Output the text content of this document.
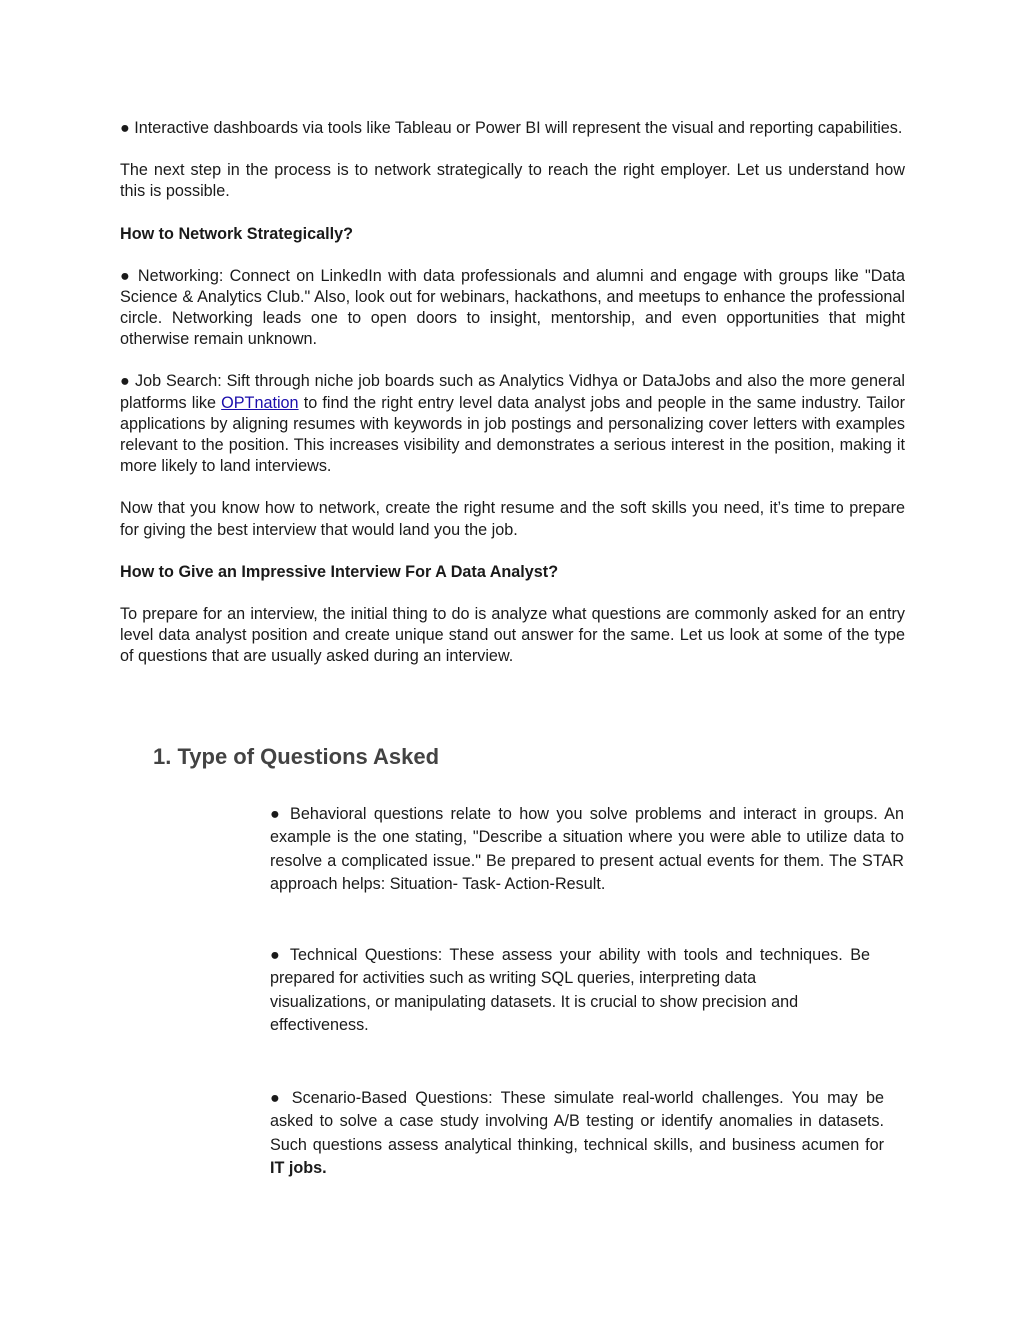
● Interactive dashboards via tools like Tableau or Power BI will represent the visual and reporting capabilities.

The next step in the process is to network strategically to reach the right employer. Let us understand how this is possible.

How to Network Strategically?

● Networking: Connect on LinkedIn with data professionals and alumni and engage with groups like "Data Science & Analytics Club." Also, look out for webinars, hackathons, and meetups to enhance the professional circle. Networking leads one to open doors to insight, mentorship, and even opportunities that might otherwise remain unknown.

● Job Search: Sift through niche job boards such as Analytics Vidhya or DataJobs and also the more general platforms like OPTnation to find the right entry level data analyst jobs and people in the same industry. Tailor applications by aligning resumes with keywords in job postings and personalizing cover letters with examples relevant to the position. This increases visibility and demonstrates a serious interest in the position, making it more likely to land interviews.

Now that you know how to network, create the right resume and the soft skills you need, it’s time to prepare for giving the best interview that would land you the job.

How to Give an Impressive Interview For A Data Analyst?

To prepare for an interview, the initial thing to do is analyze what questions are commonly asked for an entry level data analyst position and create unique stand out answer for the same. Let us look at some of the type of questions that are usually asked during an interview.

1. Type of Questions Asked

● Behavioral questions relate to how you solve problems and interact in groups. An example is the one stating, "Describe a situation where you were able to utilize data to resolve a complicated issue." Be prepared to present actual events for them. The STAR approach helps: Situation- Task- Action-Result.

● Technical Questions: These assess your ability with tools and techniques. Be prepared for activities such as writing SQL queries, interpreting data
visualizations, or manipulating datasets. It is crucial to show precision and effectiveness.

● Scenario-Based Questions: These simulate real-world challenges. You may be asked to solve a case study involving A/B testing or identify anomalies in datasets. Such questions assess analytical thinking, technical skills, and business acumen for IT jobs.
